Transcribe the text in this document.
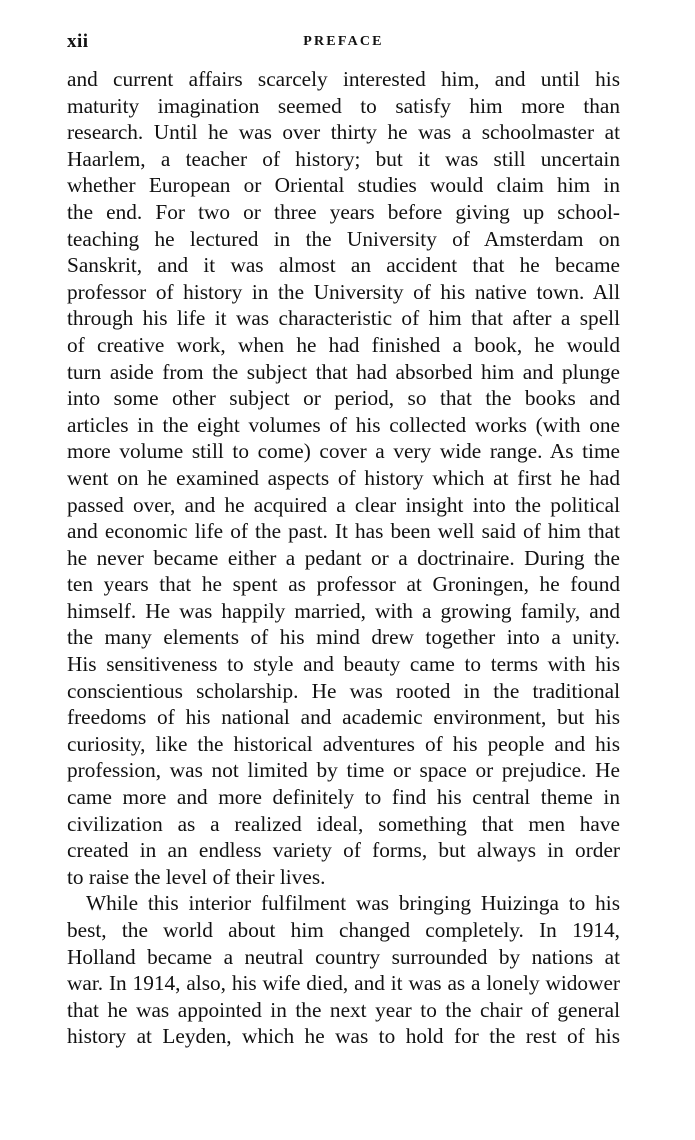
xii	PREFACE
and current affairs scarcely interested him, and until his
maturity imagination seemed to satisfy him more than
research. Until he was over thirty he was a schoolmaster at
Haarlem, a teacher of history; but it was still uncertain
whether European or Oriental studies would claim him in
the end. For two or three years before giving up school-
teaching he lectured in the University of Amsterdam on
Sanskrit, and it was almost an accident that he became
professor of history in the University of his native town. All
through his life it was characteristic of him that after a spell
of creative work, when he had finished a book, he would
turn aside from the subject that had absorbed him and plunge
into some other subject or period, so that the books and
articles in the eight volumes of his collected works (with one
more volume still to come) cover a very wide range. As time
went on he examined aspects of history which at first he had
passed over, and he acquired a clear insight into the political
and economic life of the past. It has been well said of him that
he never became either a pedant or a doctrinaire. During the
ten years that he spent as professor at Groningen, he found
himself. He was happily married, with a growing family, and
the many elements of his mind drew together into a unity.
His sensitiveness to style and beauty came to terms with his
conscientious scholarship. He was rooted in the traditional
freedoms of his national and academic environment, but his
curiosity, like the historical adventures of his people and his
profession, was not limited by time or space or prejudice. He
came more and more definitely to find his central theme in
civilization as a realized ideal, something that men have
created in an endless variety of forms, but always in order
to raise the level of their lives.
While this interior fulfilment was bringing Huizinga to his
best, the world about him changed completely. In 1914,
Holland became a neutral country surrounded by nations at
war. In 1914, also, his wife died, and it was as a lonely widower
that he was appointed in the next year to the chair of general
history at Leyden, which he was to hold for the rest of his
